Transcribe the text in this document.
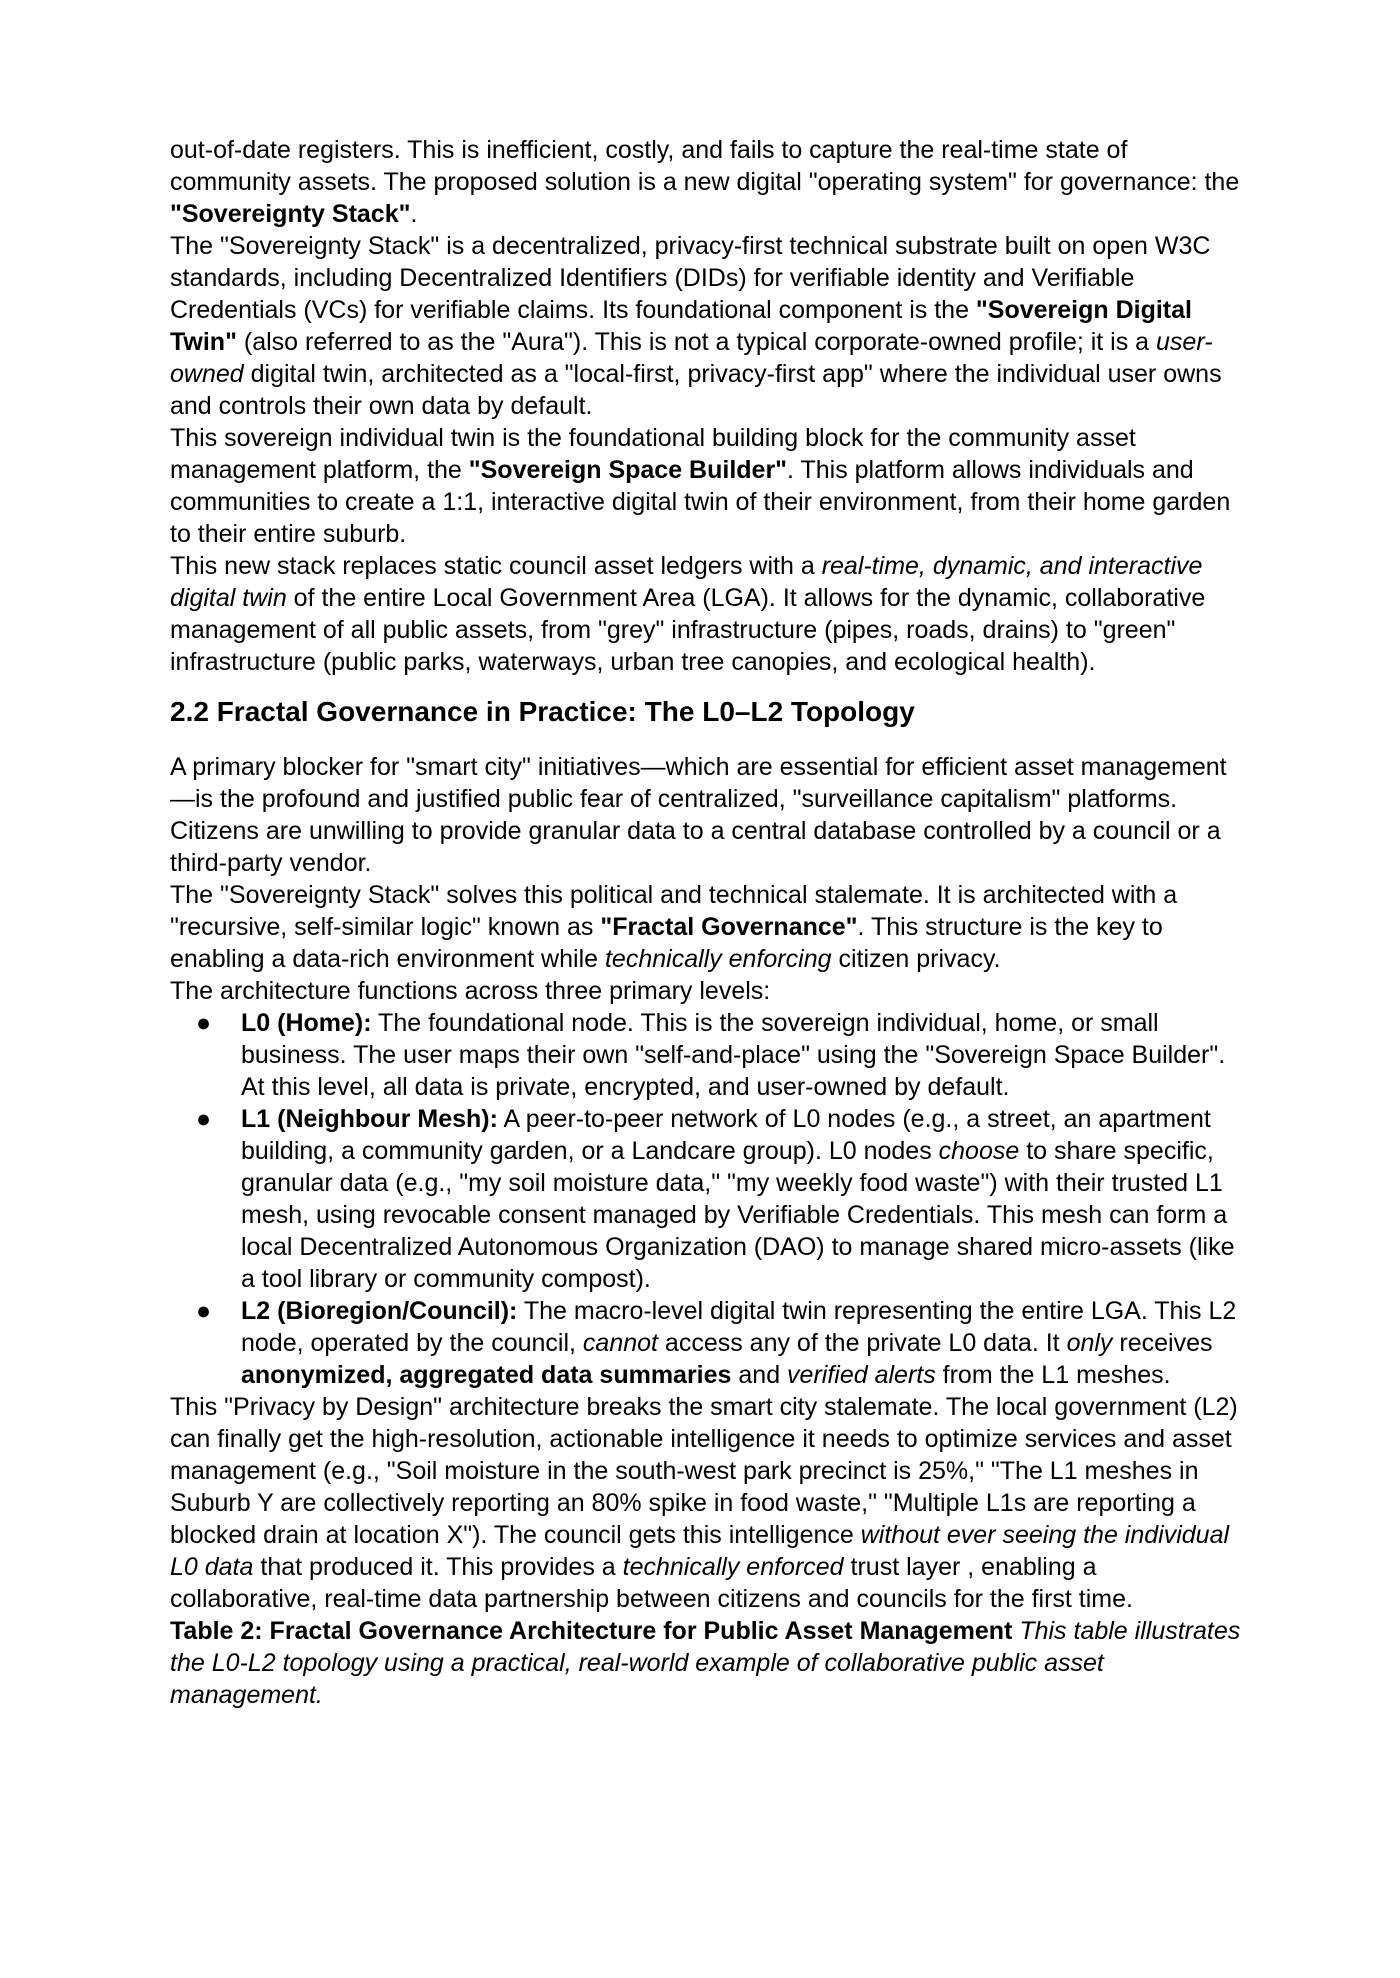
out-of-date registers. This is inefficient, costly, and fails to capture the real-time state of community assets. The proposed solution is a new digital "operating system" for governance: the "Sovereignty Stack".

The "Sovereignty Stack" is a decentralized, privacy-first technical substrate built on open W3C standards, including Decentralized Identifiers (DIDs) for verifiable identity and Verifiable Credentials (VCs) for verifiable claims. Its foundational component is the "Sovereign Digital Twin" (also referred to as the "Aura"). This is not a typical corporate-owned profile; it is a user-owned digital twin, architected as a "local-first, privacy-first app" where the individual user owns and controls their own data by default.

This sovereign individual twin is the foundational building block for the community asset management platform, the "Sovereign Space Builder". This platform allows individuals and communities to create a 1:1, interactive digital twin of their environment, from their home garden to their entire suburb.

This new stack replaces static council asset ledgers with a real-time, dynamic, and interactive digital twin of the entire Local Government Area (LGA). It allows for the dynamic, collaborative management of all public assets, from "grey" infrastructure (pipes, roads, drains) to "green" infrastructure (public parks, waterways, urban tree canopies, and ecological health).

2.2 Fractal Governance in Practice: The L0–L2 Topology

A primary blocker for "smart city" initiatives—which are essential for efficient asset management—is the profound and justified public fear of centralized, "surveillance capitalism" platforms. Citizens are unwilling to provide granular data to a central database controlled by a council or a third-party vendor.

The "Sovereignty Stack" solves this political and technical stalemate. It is architected with a "recursive, self-similar logic" known as "Fractal Governance". This structure is the key to enabling a data-rich environment while technically enforcing citizen privacy.

The architecture functions across three primary levels:

● L0 (Home): The foundational node. This is the sovereign individual, home, or small business. The user maps their own "self-and-place" using the "Sovereign Space Builder". At this level, all data is private, encrypted, and user-owned by default.
● L1 (Neighbour Mesh): A peer-to-peer network of L0 nodes (e.g., a street, an apartment building, a community garden, or a Landcare group). L0 nodes choose to share specific, granular data (e.g., "my soil moisture data," "my weekly food waste") with their trusted L1 mesh, using revocable consent managed by Verifiable Credentials. This mesh can form a local Decentralized Autonomous Organization (DAO) to manage shared micro-assets (like a tool library or community compost).
● L2 (Bioregion/Council): The macro-level digital twin representing the entire LGA. This L2 node, operated by the council, cannot access any of the private L0 data. It only receives anonymized, aggregated data summaries and verified alerts from the L1 meshes.

This "Privacy by Design" architecture breaks the smart city stalemate. The local government (L2) can finally get the high-resolution, actionable intelligence it needs to optimize services and asset management (e.g., "Soil moisture in the south-west park precinct is 25%," "The L1 meshes in Suburb Y are collectively reporting an 80% spike in food waste," "Multiple L1s are reporting a blocked drain at location X"). The council gets this intelligence without ever seeing the individual L0 data that produced it. This provides a technically enforced trust layer , enabling a collaborative, real-time data partnership between citizens and councils for the first time.

Table 2: Fractal Governance Architecture for Public Asset Management This table illustrates the L0-L2 topology using a practical, real-world example of collaborative public asset management.
